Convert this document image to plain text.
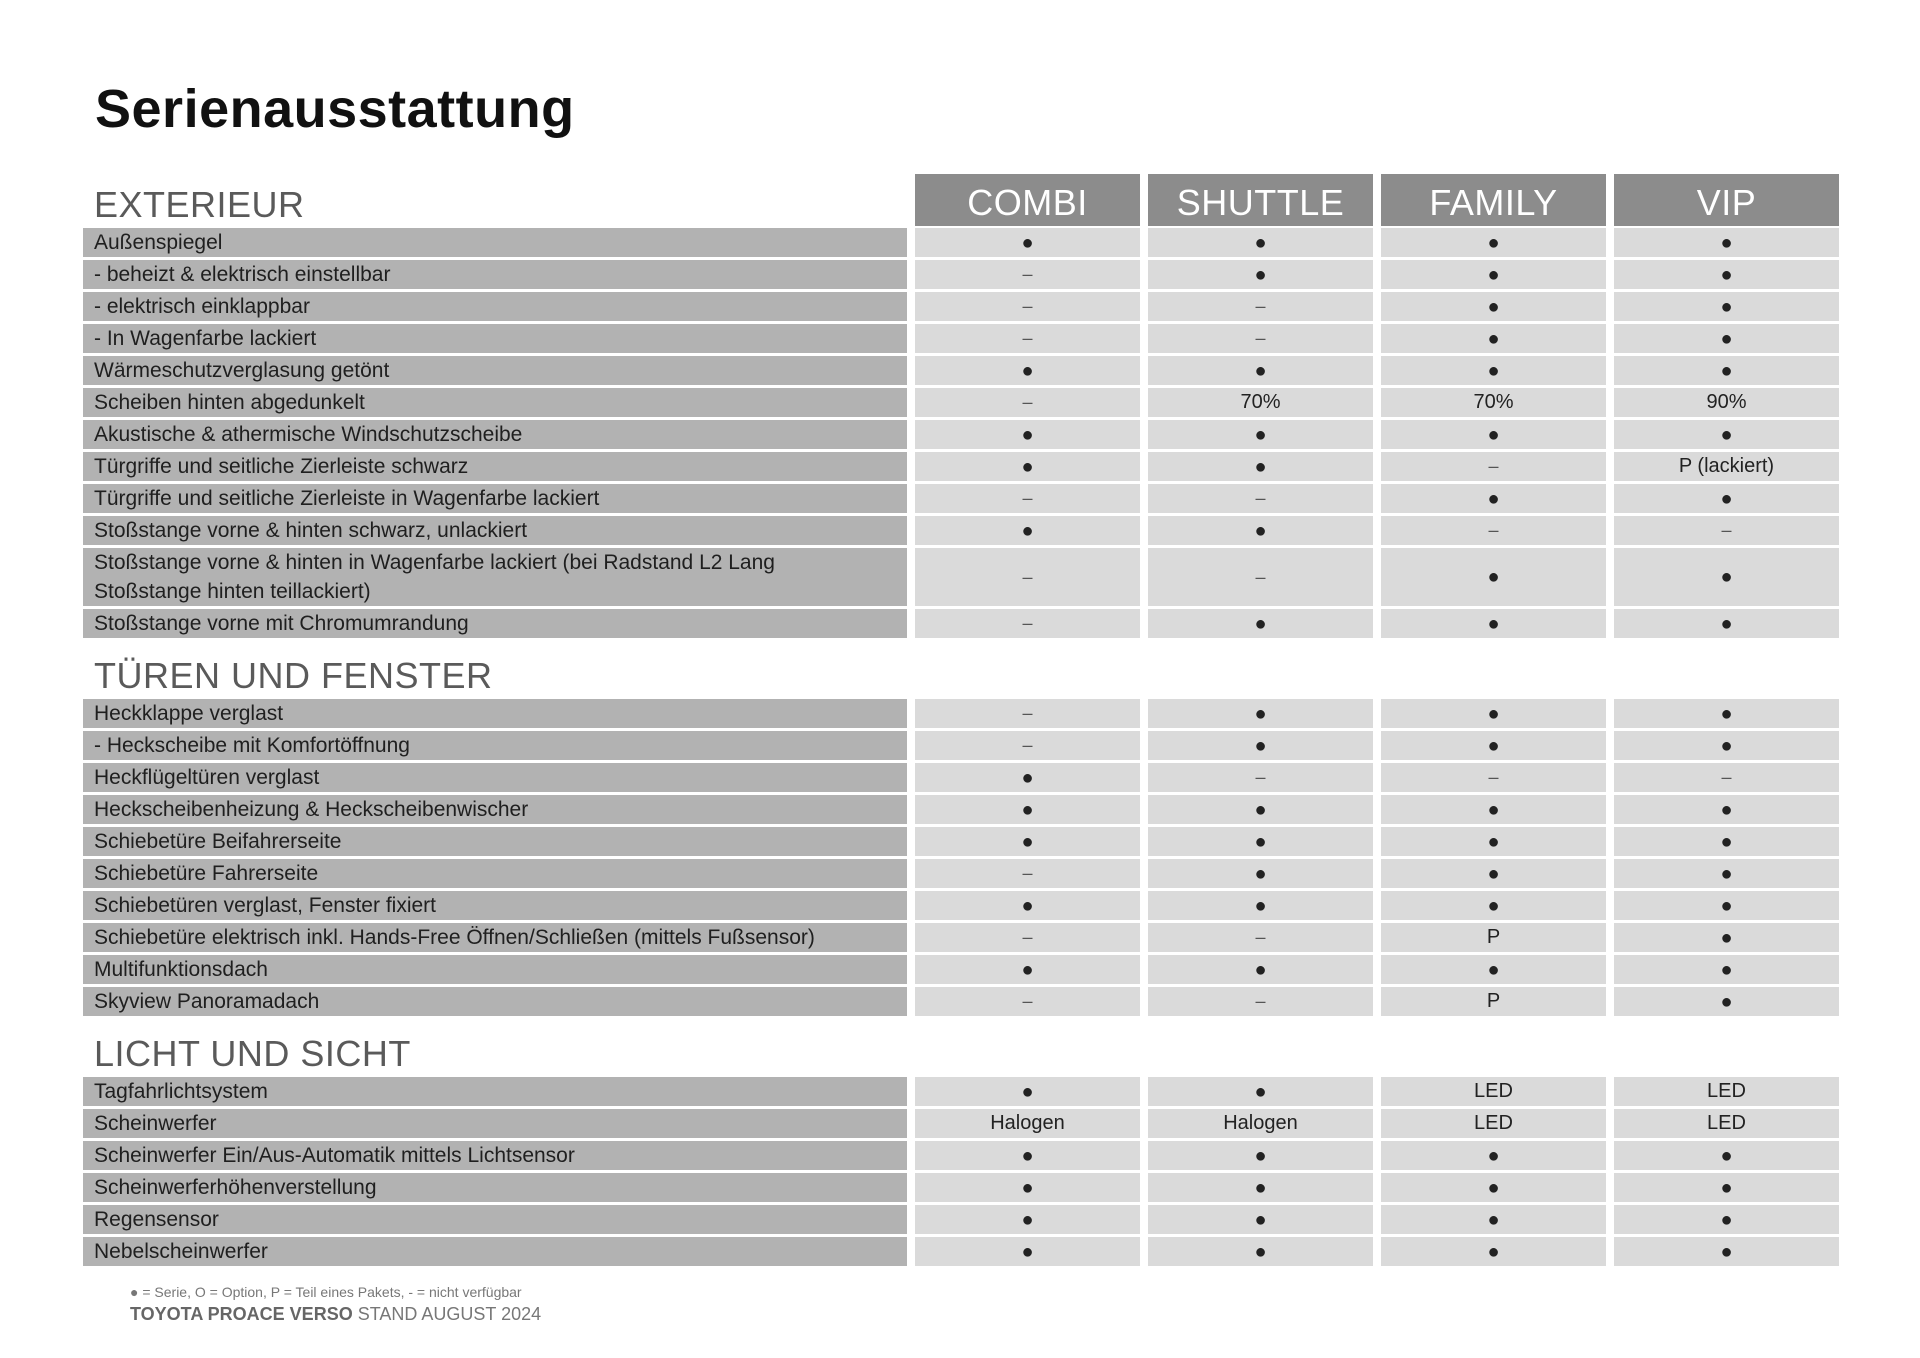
Serienausstattung
EXTERIEUR	COMBI	SHUTTLE	FAMILY	VIP
Außenspiegel	●	●	●	●
- beheizt & elektrisch einstellbar	–	●	●	●
- elektrisch einklappbar	–	–	●	●
- In Wagenfarbe lackiert	–	–	●	●
Wärmeschutzverglasung getönt	●	●	●	●
Scheiben hinten abgedunkelt	–	70%	70%	90%
Akustische & athermische Windschutzscheibe	●	●	●	●
Türgriffe und seitliche Zierleiste schwarz	●	●	–	P (lackiert)
Türgriffe und seitliche Zierleiste in Wagenfarbe lackiert	–	–	●	●
Stoßstange vorne & hinten schwarz, unlackiert	●	●	–	–
Stoßstange vorne & hinten in Wagenfarbe lackiert (bei Radstand L2 Lang
Stoßstange hinten teillackiert)
–	–	●	●
Stoßstange vorne mit Chromumrandung	–	●	●	●
TÜREN UND FENSTER
Heckklappe verglast	–	●	●	●
- Heckscheibe mit Komfortöffnung	–	●	●	●
Heckflügeltüren verglast	●	–	–	–
Heckscheibenheizung & Heckscheibenwischer	●	●	●	●
Schiebetüre Beifahrerseite	●	●	●	●
Schiebetüre Fahrerseite	–	●	●	●
Schiebetüren verglast, Fenster fixiert	●	●	●	●
Schiebetüre elektrisch inkl. Hands-Free Öffnen/Schließen (mittels Fußsensor)	–	–	P	●
Multifunktionsdach	●	●	●	●
Skyview Panoramadach	–	–	P	●
LICHT UND SICHT
Tagfahrlichtsystem	●	●	LED	LED
Scheinwerfer	Halogen	Halogen	LED	LED
Scheinwerfer Ein/Aus-Automatik mittels Lichtsensor	●	●	●	●
Scheinwerferhöhenverstellung	●	●	●	●
Regensensor	●	●	●	●
Nebelscheinwerfer	●	●	●	●
● = Serie, O = Option, P = Teil eines Pakets, - = nicht verfügbar
TOYOTA PROACE VERSO STAND AUGUST 2024
